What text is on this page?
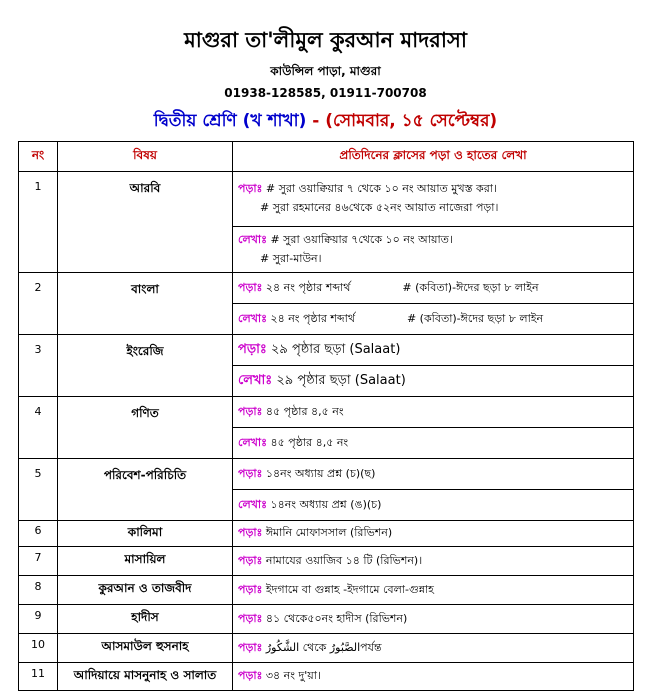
মাগুরা তা'লীমুল কুরআন মাদরাসা
কাউন্সিল পাড়া, মাগুরা
01938-128585, 01911-700708
দ্বিতীয় শ্রেণি (খ শাখা) - (সোমবার, ১৫ সেপ্টেম্বর)
নং	বিষয়	প্রতিদিনের ক্লাসের পড়া ও হাতের লেখা
1	আরবি	পড়াঃ # সুরা ওয়াক্বিয়ার ৭ থেকে ১০ নং আয়াত মুখস্ত করা।
# সুরা রহমানের ৪৬থেকে ৫২নং আয়াত নাজেরা পড়া।

		লেখাঃ # সুরা ওয়াক্বিয়ার ৭থেকে ১০ নং আয়াত।
# সুরা-মাউন।

2	বাংলা	পড়াঃ ২৪ নং পৃষ্ঠার শব্দার্থ # (কবিতা)-ঈদের ছড়া ৮ লাইন
		লেখাঃ ২৪ নং পৃষ্ঠার শব্দার্থ # (কবিতা)-ঈদের ছড়া ৮ লাইন
3	ইংরেজি	পড়াঃ ২৯ পৃষ্ঠার ছড়া (Salaat)
		লেখাঃ ২৯ পৃষ্ঠার ছড়া (Salaat)
4	গণিত	পড়াঃ ৪৫ পৃষ্ঠার ৪,৫ নং
		লেখাঃ ৪৫ পৃষ্ঠার ৪,৫ নং
5	পরিবেশ-পরিচিতি	পড়াঃ ১৪নং অধ্যায় প্রশ্ন (চ)(ছ)
		লেখাঃ ১৪নং অধ্যায় প্রশ্ন (ঙ)(চ)
6	কালিমা	পড়াঃ ঈমানি মোফাসসাল (রিভিশন)
7	মাসায়িল	পড়াঃ নামাযের ওয়াজিব ১৪ টি (রিভিশন)।
8	কুরআন ও তাজবীদ	পড়াঃ ইদগামে বা গুন্নাহ -ইদগামে বেলা-গুন্নাহ
9	হাদীস	পড়াঃ ৪১ থেকে৫০নং হাদীস (রিভিশন)
10	আসমাউল হুসনাহ	পড়াঃ الشَّكُورُ থেকে الصَّبُورُপর্যন্ত
11	আদিয়ায়ে মাসনুনাহ ও সালাত	পড়াঃ ৩৪ নং দু'য়া।
